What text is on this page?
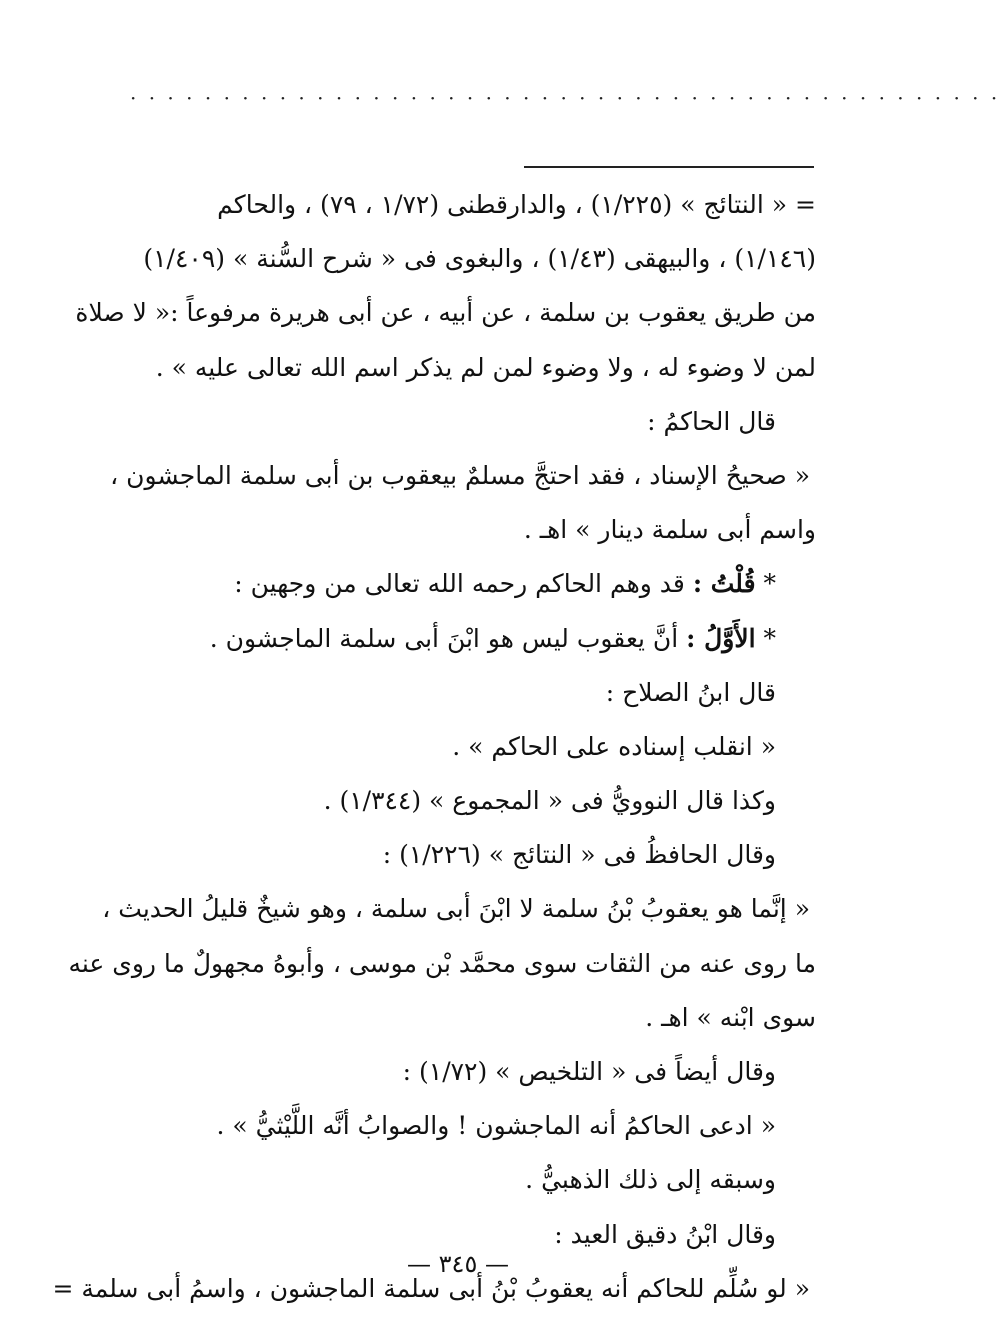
· · · · · · · · · · · · · · · · · · · · · · · · · · · · · · · · · · · · · · · · · · · · · · ·
= « النتائج » (١/٢٢٥) ، والدارقطنى (١/٧٢ ، ٧٩) ، والحاكم
(١/١٤٦) ، والبيهقى (١/٤٣) ، والبغوى فى « شرح السُّنة » (١/٤٠٩)
من طريق يعقوب بن سلمة ، عن أبيه ، عن أبى هريرة مرفوعاً :« لا صلاة
لمن لا وضوء له ، ولا وضوء لمن لم يذكر اسم الله تعالى عليه » .
قال الحاكمُ :
« صحيحُ الإسناد ، فقد احتجَّ مسلمٌ بيعقوب بن أبى سلمة الماجشون ،
واسم أبى سلمة دينار » اهـ .
* قُلْتُ : قد وهم الحاكم رحمه الله تعالى من وجهين :
* الأَوَّلُ : أنَّ يعقوب ليس هو ابْنَ أبى سلمة الماجشون .
قال ابنُ الصلاح :
« انقلب إسناده على الحاكم » .
وكذا قال النوويُّ فى « المجموع » (١/٣٤٤) .
وقال الحافظُ فى « النتائج » (١/٢٢٦) :
« إنَّما هو يعقوبُ بْنُ سلمة لا ابْنَ أبى سلمة ، وهو شيخٌ قليلُ الحديث ،
ما روى عنه من الثقات سوى محمَّد بْن موسى ، وأبوهُ مجهولٌ ما روى عنه
سوى ابْنه » اهـ .
وقال أيضاً فى « التلخيص » (١/٧٢) :
« ادعى الحاكمُ أنه الماجشون ! والصوابُ أنَّه اللَّيْثيُّ » .
وسبقه إلى ذلك الذهبيُّ .
وقال ابْنُ دقيق العيد :
« لو سُلِّم للحاكم أنه يعقوبُ بْنُ أبى سلمة الماجشون ، واسمُ أبى سلمة =
— ٣٤٥ —
